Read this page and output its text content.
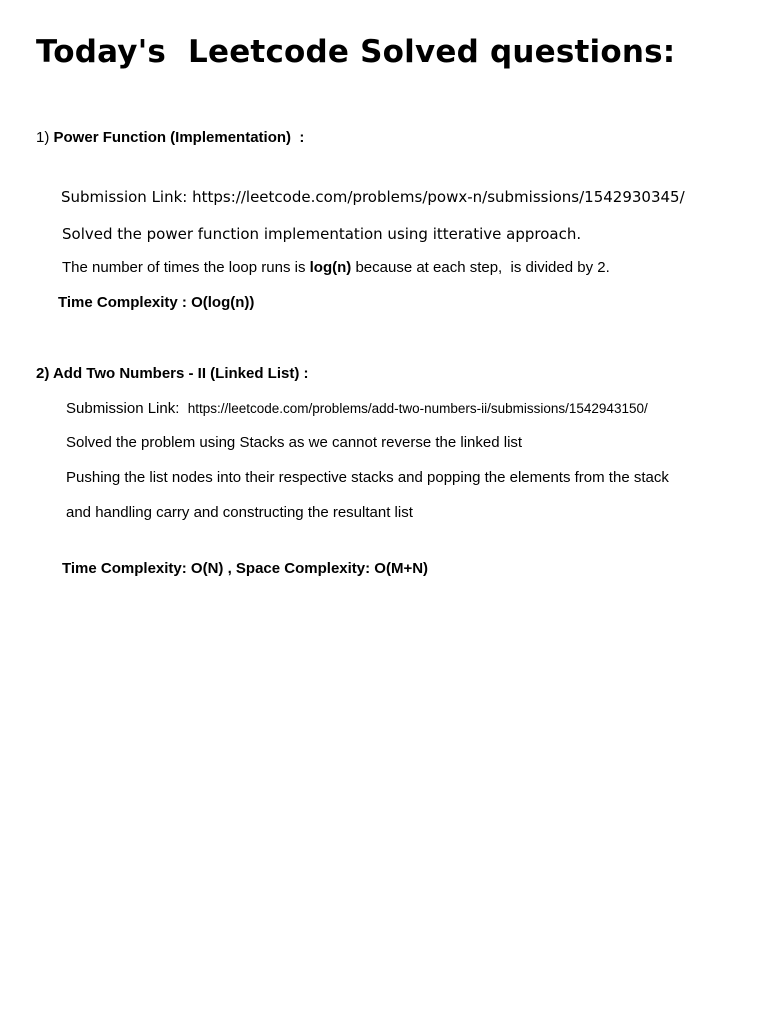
Today's  Leetcode Solved questions:

1) Power Function (Implementation)  :

Submission Link: https://leetcode.com/problems/powx-n/submissions/1542930345/

Solved the power function implementation using itterative approach.

The number of times the loop runs is log(n) because at each step,  is divided by 2.

Time Complexity : O(log(n))

2) Add Two Numbers - II (Linked List) :

Submission Link: https://leetcode.com/problems/add-two-numbers-ii/submissions/1542943150/

Solved the problem using Stacks as we cannot reverse the linked list

Pushing the list nodes into their respective stacks and popping the elements from the stack

and handling carry and constructing the resultant list

Time Complexity: O(N) , Space Complexity: O(M+N)
